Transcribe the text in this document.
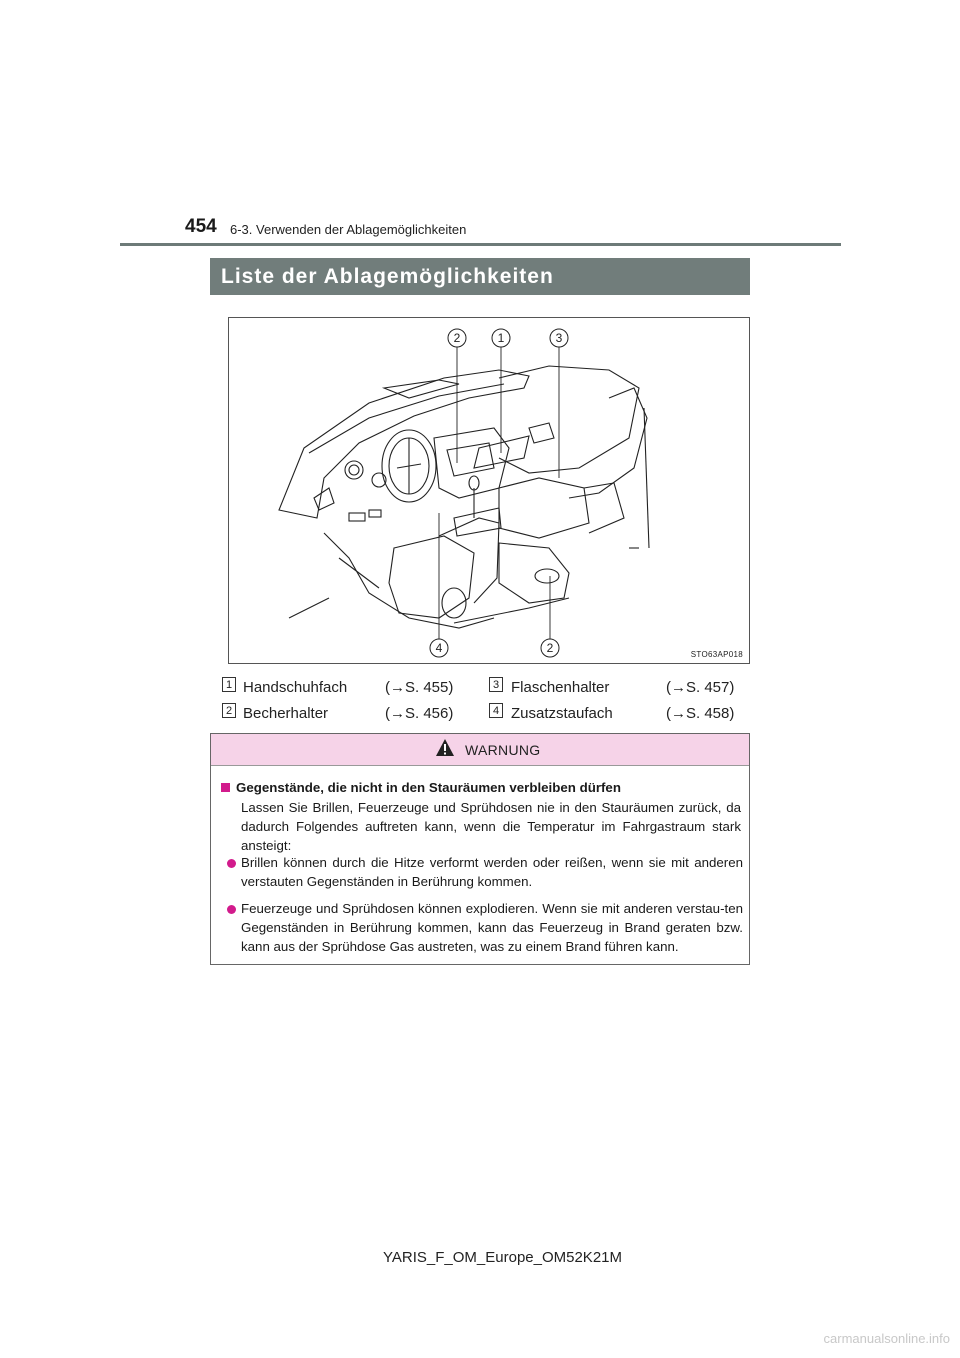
454 6-3. Verwenden der Ablagemöglichkeiten
Liste der Ablagemöglichkeiten
2	1	3
4	2	STO63AP018
1 Handschuhfach	(→S. 455)
2 Becherhalter	(→S. 456)
3 Flaschenhalter	(→S. 457)
4 Zusatzstaufach	(→S. 458)
WARNUNG
Gegenstände, die nicht in den Stauräumen verbleiben dürfen
Lassen Sie Brillen, Feuerzeuge und Sprühdosen nie in den Stauräumen zurück, da dadurch Folgendes auftreten kann, wenn die Temperatur im Fahrgastraum stark ansteigt:
Brillen können durch die Hitze verformt werden oder reißen, wenn sie mit anderen verstauten Gegenständen in Berührung kommen.
Feuerzeuge und Sprühdosen können explodieren. Wenn sie mit anderen verstau-ten Gegenständen in Berührung kommen, kann das Feuerzeug in Brand geraten bzw. kann aus der Sprühdose Gas austreten, was zu einem Brand führen kann.
YARIS_F_OM_Europe_OM52K21M
carmanualsonline.info
